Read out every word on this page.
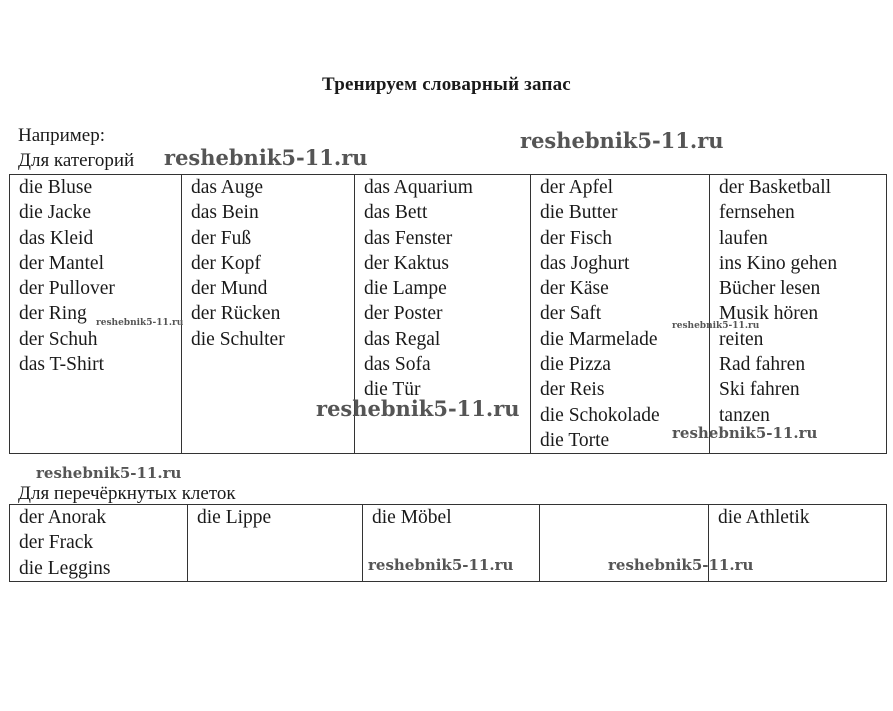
Тренируем словарный запас
Например:
Для категорий
die Bluse
die Jacke
das Kleid
der Mantel
der Pullover
der Ring
der Schuh
das T-Shirt

das Auge
das Bein
der Fuß
der Kopf
der Mund
der Rücken
die Schulter

das Aquarium
das Bett
das Fenster
der Kaktus
die Lampe
der Poster
das Regal
das Sofa
die Tür

der Apfel
die Butter
der Fisch
das Joghurt
der Käse
der Saft
die Marmelade
die Pizza
der Reis
die Schokolade
die Torte

der Basketball
fernsehen
laufen
ins Kino gehen
Bücher lesen
Musik hören
reiten
Rad fahren
Ski fahren
tanzen
Для перечёркнутых клеток
der Anorak
der Frack
die Leggins

die Lippe	die Möbel		die Athletik
reshebnik5-11.ru
reshebnik5-11.ru
reshebnik5-11.ru	reshebnik5-11.ru
reshebnik5-11.ru
reshebnik5-11.ru
reshebnik5-11.ru
reshebnik5-11.ru	reshebnik5-11.ru
